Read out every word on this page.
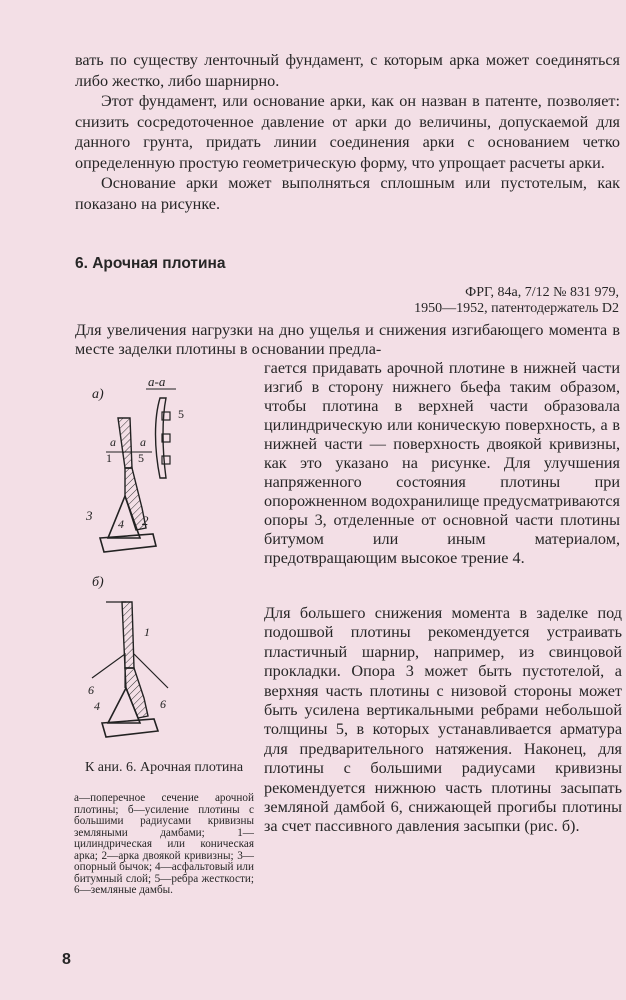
вать по существу ленточный фундамент, с которым арка может соединяться либо жестко, либо шарнирно.

Этот фундамент, или основание арки, как он назван в патенте, позволяет: снизить сосредоточенное давление от арки до величины, допускаемой для данного грунта, придать линии соединения арки с основанием четко определенную простую геометрическую форму, что упрощает расчеты арки.

Основание арки может выполняться сплошным или пустотелым, как показано на рисунке.

6. Арочная плотина
ФРГ, 84а, 7/12 № 831 979,
1950—1952, патентодержатель D2

Для увеличения нагрузки на дно ущелья и снижения изгибающего момента в месте заделки плотины в основании предла-

гается придавать арочной плотине в нижней части изгиб в сторону нижнего бьефа таким образом, чтобы плотина в верхней части образовала цилиндрическую или коническую поверхность, а в нижней части — поверхность двоякой кривизны, как это указано на рисунке. Для улучшения напряженного состояния плотины при опорожненном водохранилище предусматриваются опоры 3, отделенные от основной части плотины битумом или иным материалом, предотвращающим высокое трение 4.

Для большего снижения момента в заделке под подошвой плотины рекомендуется устраивать пластичный шарнир, например, из свинцовой прокладки. Опора 3 может быть пустотелой, а верхняя часть плотины с низовой стороны может быть усилена вертикальными ребрами небольшой толщины 5, в которых устанавливается арматура для предварительного натяжения. Наконец, для плотины с большими радиусами кривизны рекомендуется нижнюю часть плотины засыпать земляной дамбой 6, снижающей прогибы плотины за счет пассивного давления засыпки (рис. б).

а)
а-а
а а
1 5
5
3	2
4
б)
1
6
6
4
К ани. 6. Арочная плотина
а—поперечное сечение арочной плотины; б—усиление плотины с большими радиусами кривизны земляными дамбами; 1—цилиндрическая или коническая арка; 2—арка двоякой кривизны; 3—опорный бычок; 4—асфальтовый или битумный слой; 5—ребра жесткости; 6—земляные дамбы.
8
